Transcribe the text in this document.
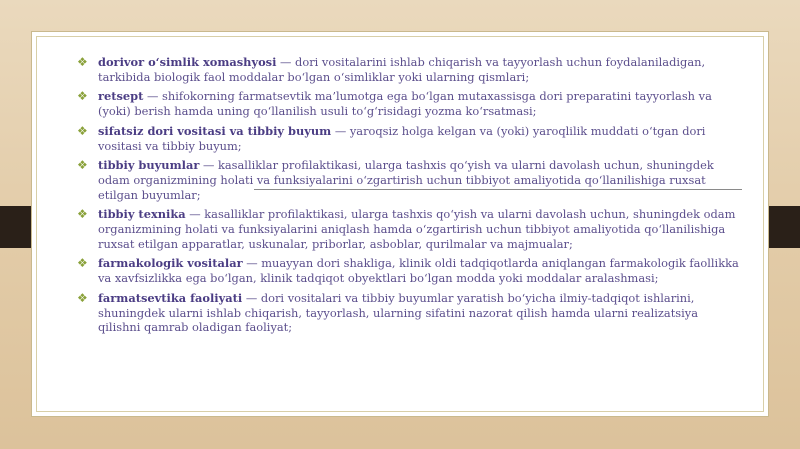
❖ dorivor o‘simlik xomashyosi — dori vositalarini ishlab chiqarish va tayyorlash uchun foydalaniladigan, tarkibida biologik faol moddalar bo‘lgan o‘simliklar yoki ularning qismlari;
❖ retsept — shifokorning farmatsevtik ma’lumotga ega bo‘lgan mutaxassisga dori preparatini tayyorlash va (yoki) berish hamda uning qo‘llanilish usuli to‘g‘risidagi yozma ko‘rsatmasi;
❖ sifatsiz dori vositasi va tibbiy buyum — yaroqsiz holga kelgan va (yoki) yaroqlilik muddati o‘tgan dori vositasi va tibbiy buyum;
❖ tibbiy buyumlar — kasalliklar profilaktikasi, ularga tashxis qo‘yish va ularni davolash uchun, shuningdek odam organizmining holati va funksiyalarini o‘zgartirish uchun tibbiyot amaliyotida qo‘llanilishiga ruxsat etilgan buyumlar;
❖ tibbiy texnika — kasalliklar profilaktikasi, ularga tashxis qo‘yish va ularni davolash uchun, shuningdek odam organizmining holati va funksiyalarini aniqlash hamda o‘zgartirish uchun tibbiyot amaliyotida qo‘llanilishiga ruxsat etilgan apparatlar, uskunalar, priborlar, asboblar, qurilmalar va majmualar;
❖ farmakologik vositalar — muayyan dori shakliga, klinik oldi tadqiqotlarda aniqlangan farmakologik faollikka va xavfsizlikka ega bo‘lgan, klinik tadqiqot obyektlari bo‘lgan modda yoki moddalar aralashmasi;
❖ farmatsevtika faoliyati — dori vositalari va tibbiy buyumlar yaratish bo‘yicha ilmiy-tadqiqot ishlarini, shuningdek ularni ishlab chiqarish, tayyorlash, ularning sifatini nazorat qilish hamda ularni realizatsiya qilishni qamrab oladigan faoliyat;
